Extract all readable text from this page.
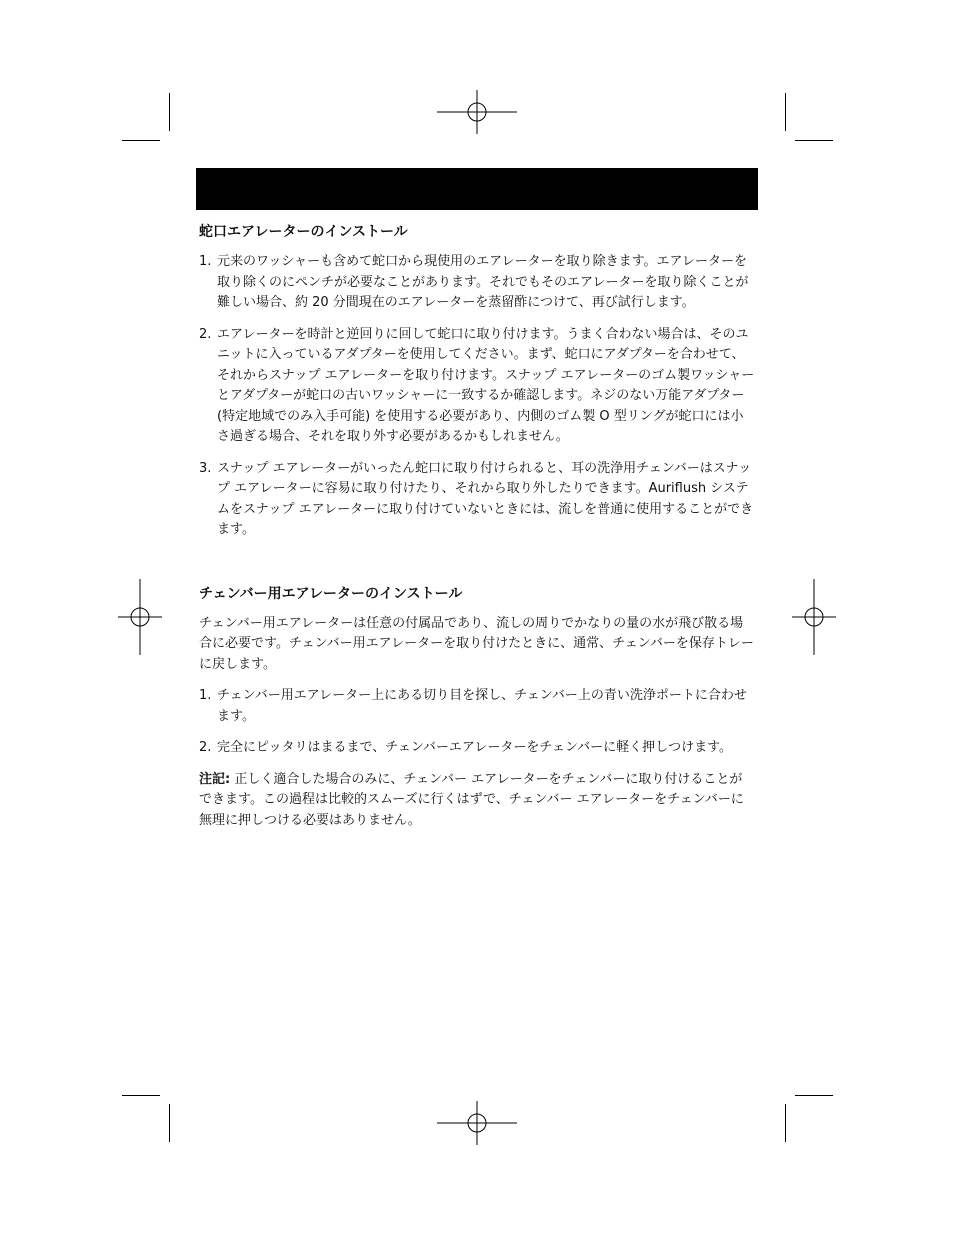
蛇口エアレーターのインストール
1. 元来のワッシャーも含めて蛇口から現使用のエアレーターを取り除きます。エアレーターを取り除くのにペンチが必要なことがあります。それでもそのエアレーターを取り除くことが難しい場合、約 20 分間現在のエアレーターを蒸留酢につけて、再び試行します。
2. エアレーターを時計と逆回りに回して蛇口に取り付けます。うまく合わない場合は、そのユニットに入っているアダプターを使用してください。まず、蛇口にアダプターを合わせて、それからスナップ エアレーターを取り付けます。スナップ エアレーターのゴム製ワッシャーとアダプターが蛇口の古いワッシャーに一致するか確認します。ネジのない万能アダプター (特定地域でのみ入手可能) を使用する必要があり、内側のゴム製 O 型リングが蛇口には小さ過ぎる場合、それを取り外す必要があるかもしれません。
3. スナップ エアレーターがいったん蛇口に取り付けられると、耳の洗浄用チェンバーはスナップ エアレーターに容易に取り付けたり、それから取り外したりできます。Auriflush システムをスナップ エアレーターに取り付けていないときには、流しを普通に使用することができます。
チェンバー用エアレーターのインストール

チェンバー用エアレーターは任意の付属品であり、流しの周りでかなりの量の水が飛び散る場合に必要です。チェンバー用エアレーターを取り付けたときに、通常、チェンバーを保存トレーに戻します。

1. チェンバー用エアレーター上にある切り目を探し、チェンバー上の青い洗浄ポートに合わせます。
2. 完全にピッタリはまるまで、チェンバーエアレーターをチェンバーに軽く押しつけます。

注記: 正しく適合した場合のみに、チェンバー エアレーターをチェンバーに取り付けることができます。この過程は比較的スムーズに行くはずで、チェンバー エアレーターをチェンバーに無理に押しつける必要はありません。
